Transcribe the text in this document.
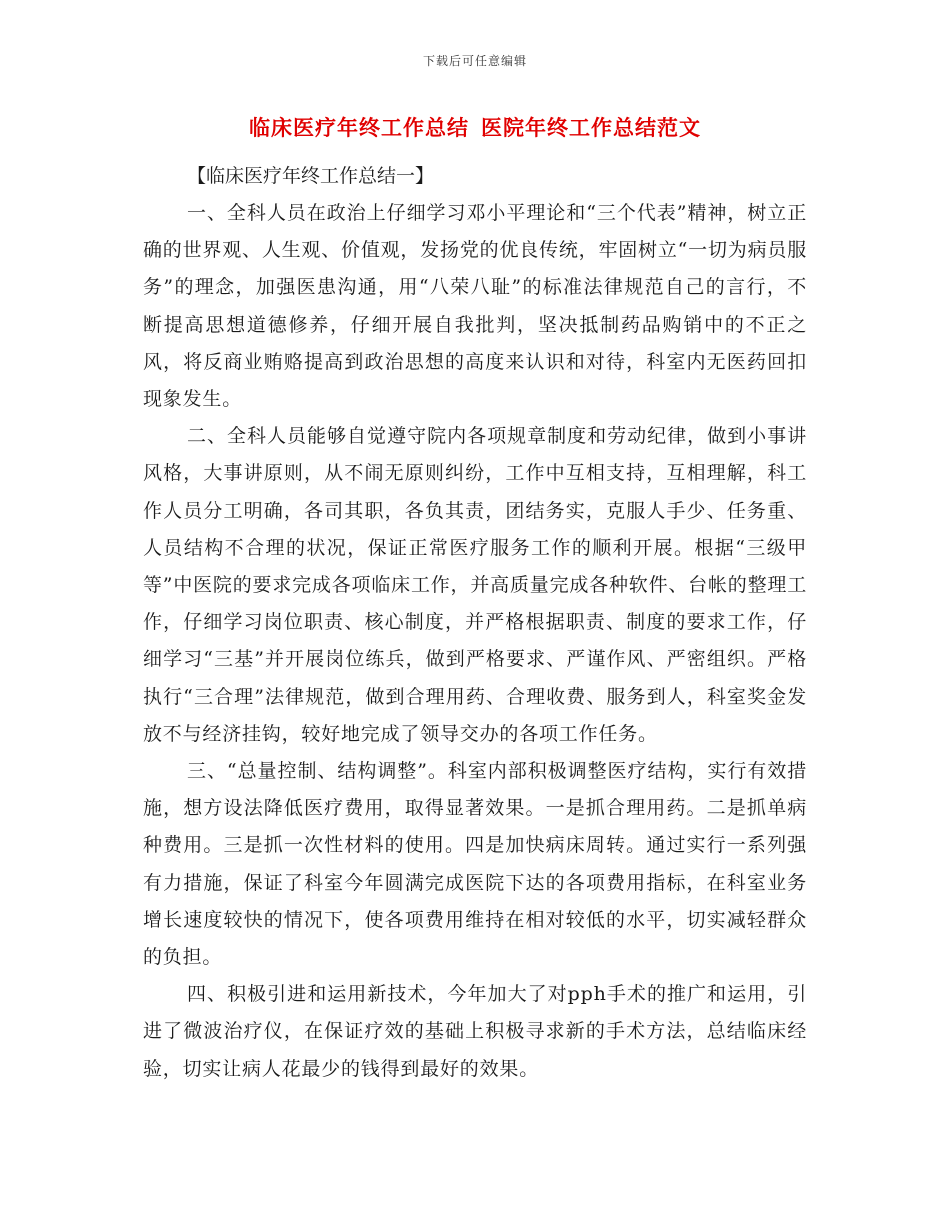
下载后可任意编辑
临床医疗年终工作总结 医院年终工作总结范文

【临床医疗年终工作总结一】

一、全科人员在政治上仔细学习邓小平理论和“三个代表”精神，树立正确的世界观、人生观、价值观，发扬党的优良传统，牢固树立“一切为病员服务”的理念，加强医患沟通，用“八荣八耻”的标准法律规范自己的言行，不断提高思想道德修养，仔细开展自我批判，坚决抵制药品购销中的不正之风，将反商业贿赂提高到政治思想的高度来认识和对待，科室内无医药回扣现象发生。

二、全科人员能够自觉遵守院内各项规章制度和劳动纪律，做到小事讲风格，大事讲原则，从不闹无原则纠纷，工作中互相支持，互相理解，科工作人员分工明确，各司其职，各负其责，团结务实，克服人手少、任务重、人员结构不合理的状况，保证正常医疗服务工作的顺利开展。根据“三级甲等”中医院的要求完成各项临床工作，并高质量完成各种软件、台帐的整理工作，仔细学习岗位职责、核心制度，并严格根据职责、制度的要求工作，仔细学习“三基”并开展岗位练兵，做到严格要求、严谨作风、严密组织。严格执行“三合理”法律规范，做到合理用药、合理收费、服务到人，科室奖金发放不与经济挂钩，较好地完成了领导交办的各项工作任务。

三、“总量控制、结构调整”。科室内部积极调整医疗结构，实行有效措施，想方设法降低医疗费用，取得显著效果。一是抓合理用药。二是抓单病种费用。三是抓一次性材料的使用。四是加快病床周转。通过实行一系列强有力措施，保证了科室今年圆满完成医院下达的各项费用指标，在科室业务增长速度较快的情况下，使各项费用维持在相对较低的水平，切实减轻群众的负担。

四、积极引进和运用新技术，今年加大了对pph手术的推广和运用，引进了微波治疗仪，在保证疗效的基础上积极寻求新的手术方法，总结临床经验，切实让病人花最少的钱得到最好的效果。
